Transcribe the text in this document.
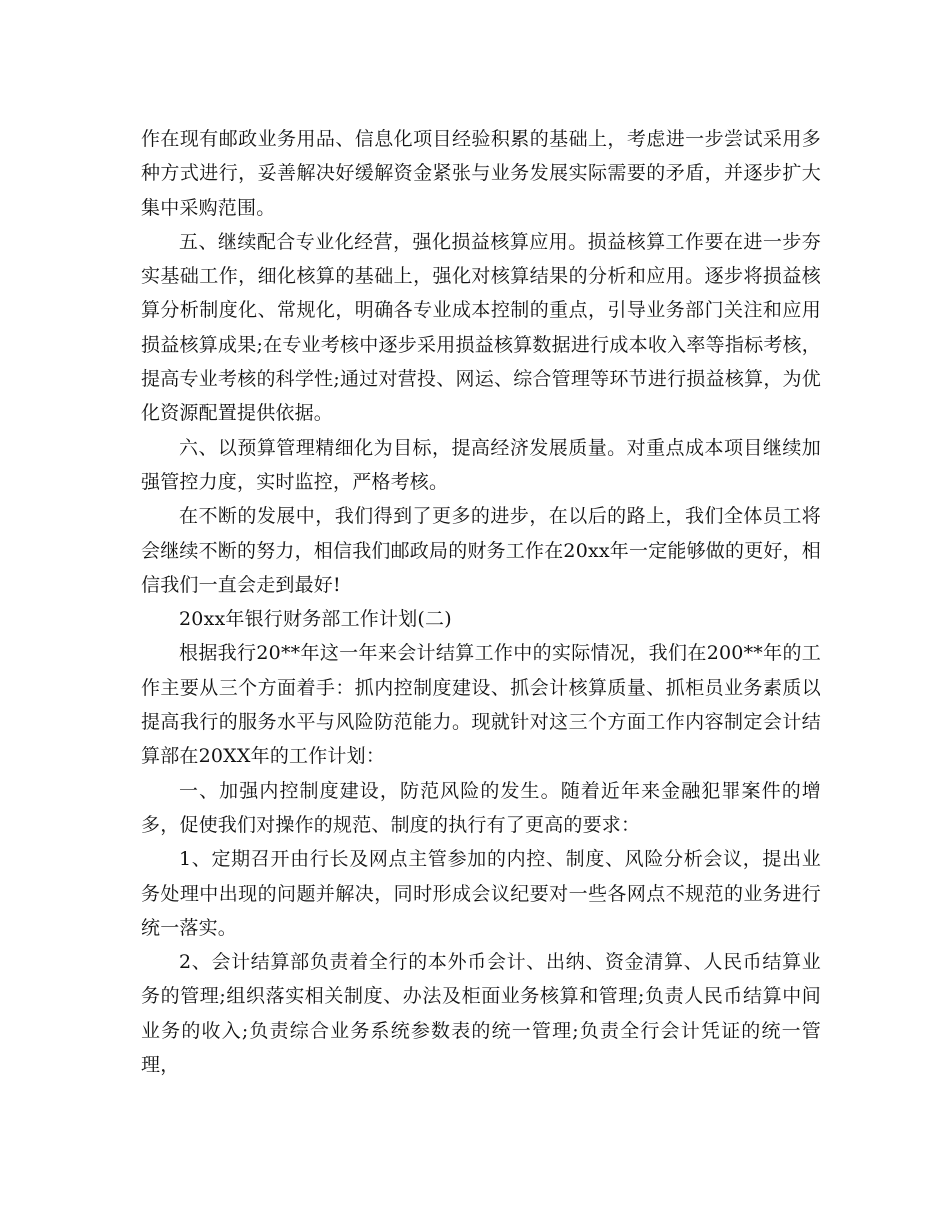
作在现有邮政业务用品、信息化项目经验积累的基础上，考虑进一步尝试采用多种方式进行，妥善解决好缓解资金紧张与业务发展实际需要的矛盾，并逐步扩大集中采购范围。

五、继续配合专业化经营，强化损益核算应用。损益核算工作要在进一步夯实基础工作，细化核算的基础上，强化对核算结果的分析和应用。逐步将损益核算分析制度化、常规化，明确各专业成本控制的重点，引导业务部门关注和应用损益核算成果;在专业考核中逐步采用损益核算数据进行成本收入率等指标考核，提高专业考核的科学性;通过对营投、网运、综合管理等环节进行损益核算，为优化资源配置提供依据。

六、以预算管理精细化为目标，提高经济发展质量。对重点成本项目继续加强管控力度，实时监控，严格考核。

在不断的发展中，我们得到了更多的进步，在以后的路上，我们全体员工将会继续不断的努力，相信我们邮政局的财务工作在20xx年一定能够做的更好，相信我们一直会走到最好!

20xx年银行财务部工作计划(二)

根据我行20**年这一年来会计结算工作中的实际情况，我们在200**年的工作主要从三个方面着手：抓内控制度建设、抓会计核算质量、抓柜员业务素质以提高我行的服务水平与风险防范能力。现就针对这三个方面工作内容制定会计结算部在20XX年的工作计划：

一、加强内控制度建设，防范风险的发生。随着近年来金融犯罪案件的增多，促使我们对操作的规范、制度的执行有了更高的要求：

1、定期召开由行长及网点主管参加的内控、制度、风险分析会议，提出业务处理中出现的问题并解决，同时形成会议纪要对一些各网点不规范的业务进行统一落实。

2、会计结算部负责着全行的本外币会计、出纳、资金清算、人民币结算业务的管理;组织落实相关制度、办法及柜面业务核算和管理;负责人民币结算中间业务的收入;负责综合业务系统参数表的统一管理;负责全行会计凭证的统一管理，
